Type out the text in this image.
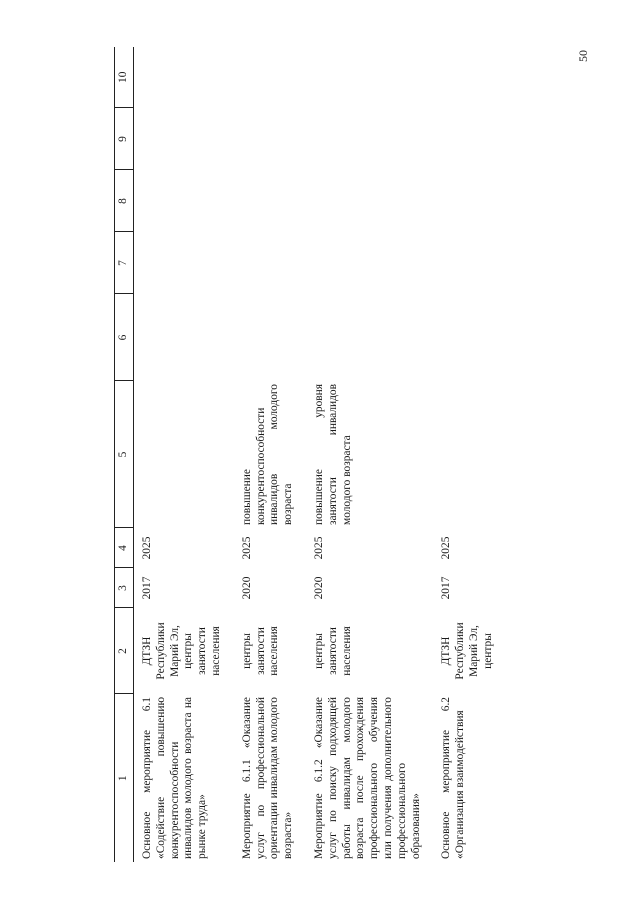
50
1	2	3	4	5	6	7	8	9	10
Основное мероприятие 6.1 «Содействие повышению конкурентоспособности инвалидов молодого возраста на рынке труда»	ДТЗН Республики Марий Эл, центры занятости населения	2017	2025						
Мероприятие 6.1.1 «Оказание услуг по профессиональной ориентации инвалидам молодого возраста»	центры занятости населения	2020	2025	повышение конкурентоспособности инвалидов молодого возраста					
Мероприятие 6.1.2 «Оказание услуг по поиску подходящей работы инвалидам молодого возраста после прохождения профессионального обучения или получения дополнительного профессионального образования»	центры занятости населения	2020	2025	повышение уровня занятости инвалидов молодого возраста					
Основное мероприятие 6.2 «Организация взаимодействия	ДТЗН Республики Марий Эл, центры	2017	2025						
